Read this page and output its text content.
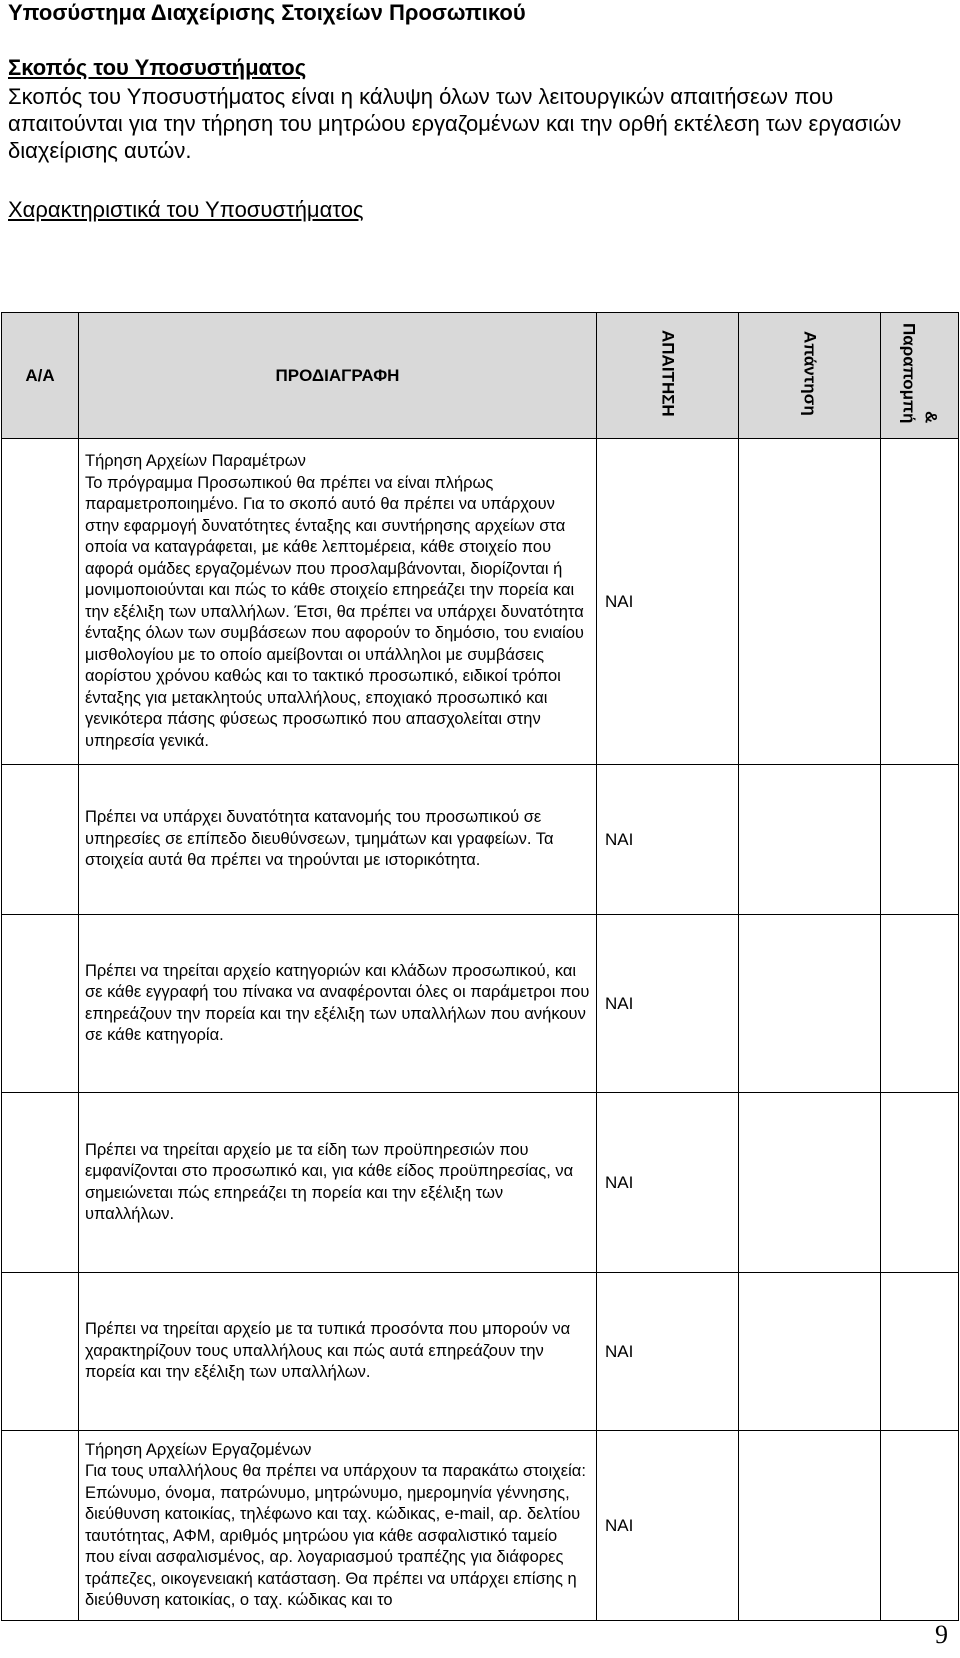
Υποσύστημα Διαχείρισης Στοιχείων Προσωπικού
Σκοπός του Υποσυστήματος
Σκοπός του Υποσυστήματος είναι η κάλυψη όλων των λειτουργικών απαιτήσεων που απαιτούνται για την τήρηση του μητρώου εργαζομένων και την ορθή εκτέλεση των εργασιών διαχείρισης αυτών.
Χαρακτηριστικά του Υποσυστήματος
Α/Α	ΠΡΟΔΙΑΓΡΑΦΗ	ΑΠΑΙΤΗΣΗ	Απάντηση	Παραπομπή &

	Τήρηση Αρχείων Παραμέτρων

Το πρόγραμμα Προσωπικού θα πρέπει να είναι πλήρως παραμετροποιημένο. Για το σκοπό αυτό θα πρέπει να υπάρχουν στην εφαρμογή δυνατότητες ένταξης και συντήρησης αρχείων στα οποία να καταγράφεται, με κάθε λεπτομέρεια, κάθε στοιχείο που αφορά ομάδες εργαζομένων που προσλαμβάνονται, διορίζονται ή μονιμοποιούνται και πώς το κάθε στοιχείο επηρεάζει την πορεία και την εξέλιξη των υπαλλήλων. Έτσι, θα πρέπει να υπάρχει δυνατότητα ένταξης όλων των συμβάσεων που αφορούν το δημόσιο, του ενιαίου μισθολογίου με το οποίο αμείβονται οι υπάλληλοι με συμβάσεις αορίστου χρόνου καθώς και το τακτικό προσωπικό, ειδικοί τρόποι ένταξης για μετακλητούς υπαλλήλους, εποχιακό προσωπικό και γενικότερα πάσης φύσεως προσωπικό που απασχολείται στην υπηρεσία γενικά.	ΝΑΙ		

	Πρέπει να υπάρχει δυνατότητα κατανομής του προσωπικού σε υπηρεσίες σε επίπεδο διευθύνσεων, τμημάτων και γραφείων. Τα στοιχεία αυτά θα πρέπει να τηρούνται με ιστορικότητα.	ΝΑΙ		

	Πρέπει να τηρείται αρχείο κατηγοριών και κλάδων προσωπικού, και σε κάθε εγγραφή του πίνακα να αναφέρονται όλες οι παράμετροι που επηρεάζουν την πορεία και την εξέλιξη των υπαλλήλων που ανήκουν σε κάθε κατηγορία.	ΝΑΙ		

	Πρέπει να τηρείται αρχείο με τα είδη των προϋπηρεσιών που εμφανίζονται στο προσωπικό και, για κάθε είδος προϋπηρεσίας, να σημειώνεται πώς επηρεάζει τη πορεία και την εξέλιξη των υπαλλήλων.	ΝΑΙ		

	Πρέπει να τηρείται αρχείο με τα τυπικά προσόντα που μπορούν να χαρακτηρίζουν τους υπαλλήλους και πώς αυτά επηρεάζουν την πορεία και την εξέλιξη των υπαλλήλων.	ΝΑΙ		

	Τήρηση Αρχείων Εργαζομένων

Για τους υπαλλήλους θα πρέπει να υπάρχουν τα παρακάτω στοιχεία: Επώνυμο, όνομα, πατρώνυμο, μητρώνυμο, ημερομηνία γέννησης, διεύθυνση κατοικίας, τηλέφωνο και ταχ. κώδικας, e-mail, αρ. δελτίου ταυτότητας, ΑΦΜ, αριθμός μητρώου για κάθε ασφαλιστικό ταμείο που είναι ασφαλισμένος, αρ. λογαριασμού τραπέζης για διάφορες τράπεζες, οικογενειακή κατάσταση. Θα πρέπει να υπάρχει επίσης η διεύθυνση κατοικίας, ο ταχ. κώδικας και το	ΝΑΙ		
9
